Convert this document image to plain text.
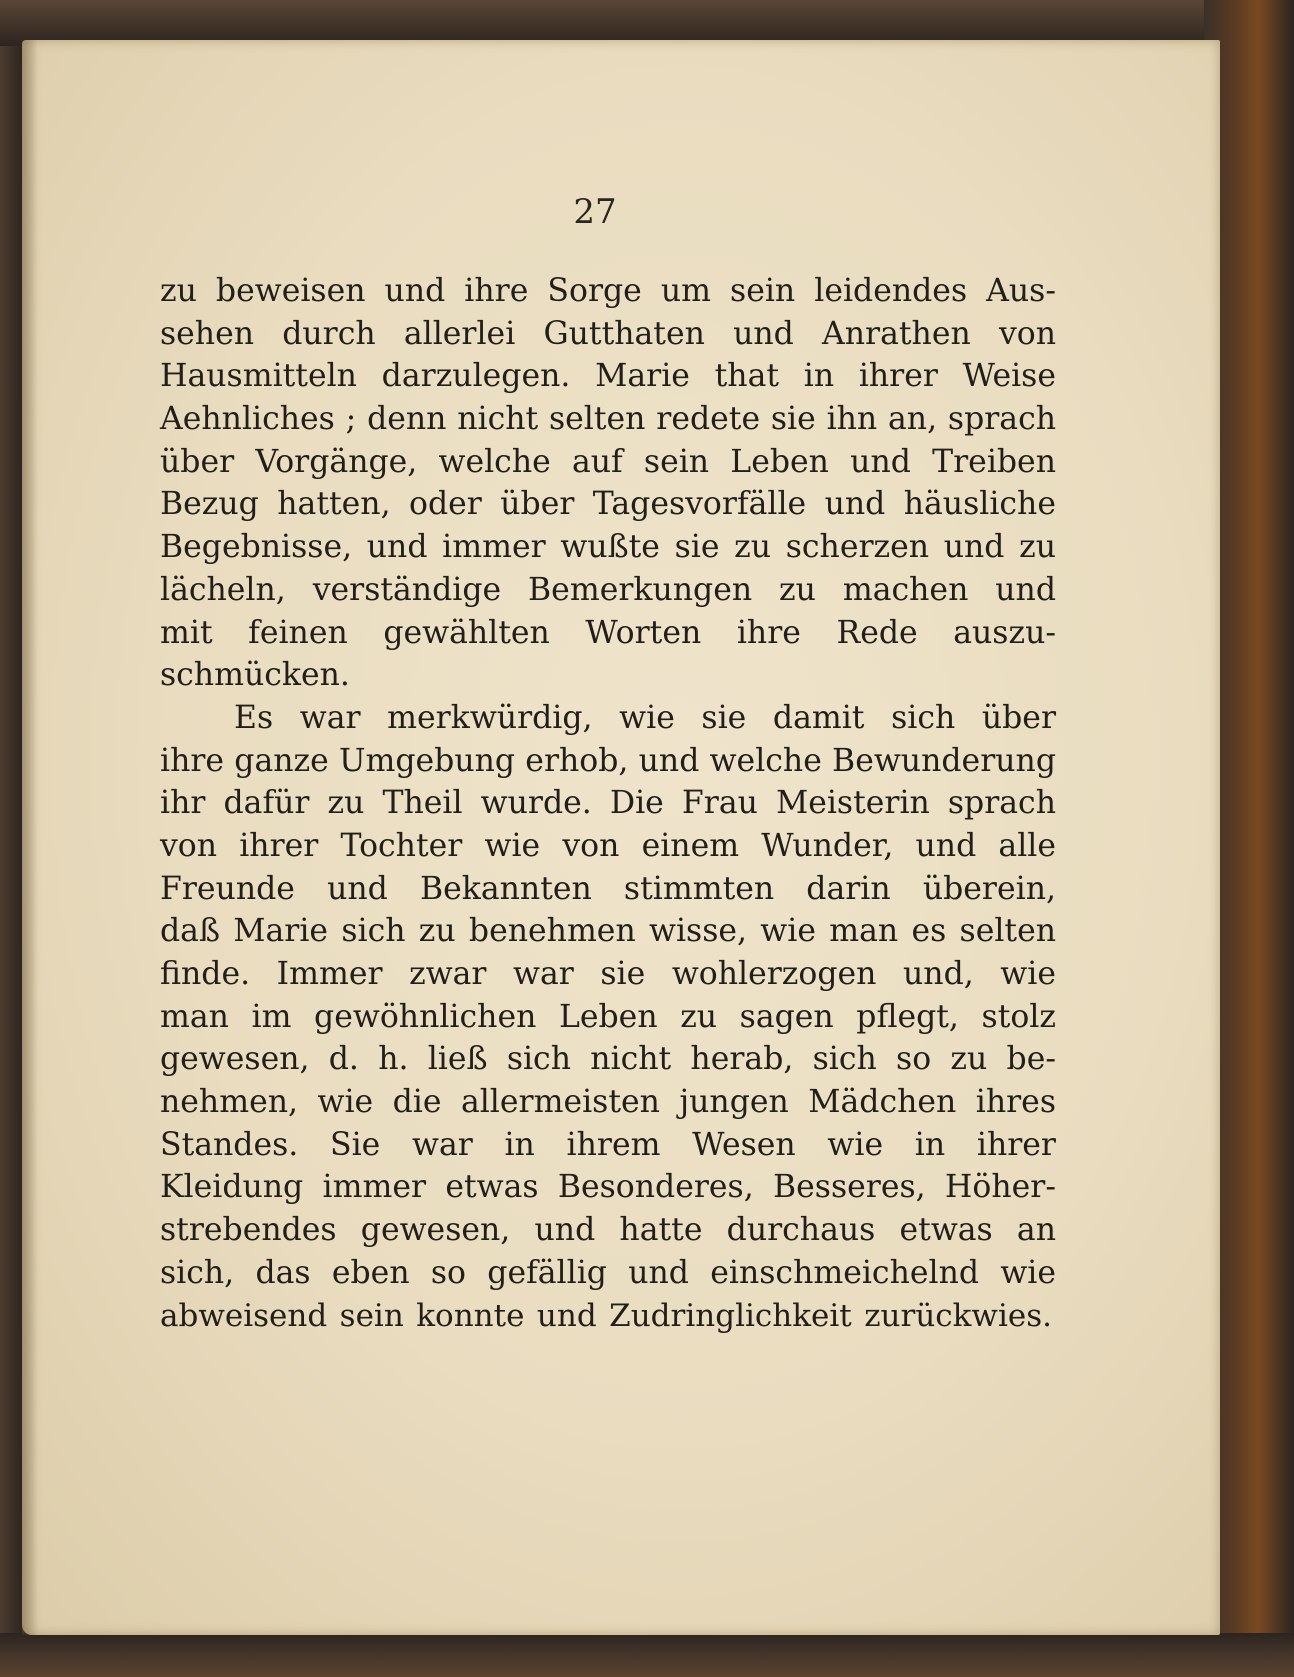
27
zu beweisen und ihre Sorge um sein leidendes Aus-
sehen durch allerlei Gutthaten und Anrathen von
Hausmitteln darzulegen. Marie that in ihrer Weise
Aehnliches ; denn nicht selten redete sie ihn an, sprach
über Vorgänge, welche auf sein Leben und Treiben
Bezug hatten, oder über Tagesvorfälle und häusliche
Begebnisse, und immer wußte sie zu scherzen und zu
lächeln, verständige Bemerkungen zu machen und
mit feinen gewählten Worten ihre Rede auszu-
schmücken.
Es war merkwürdig, wie sie damit sich über
ihre ganze Umgebung erhob, und welche Bewunderung
ihr dafür zu Theil wurde. Die Frau Meisterin sprach
von ihrer Tochter wie von einem Wunder, und alle
Freunde und Bekannten stimmten darin überein,
daß Marie sich zu benehmen wisse, wie man es selten
finde. Immer zwar war sie wohlerzogen und, wie
man im gewöhnlichen Leben zu sagen pflegt, stolz
gewesen, d. h. ließ sich nicht herab, sich so zu be-
nehmen, wie die allermeisten jungen Mädchen ihres
Standes. Sie war in ihrem Wesen wie in ihrer
Kleidung immer etwas Besonderes, Besseres, Höher-
strebendes gewesen, und hatte durchaus etwas an
sich, das eben so gefällig und einschmeichelnd wie
abweisend sein konnte und Zudringlichkeit zurückwies.
